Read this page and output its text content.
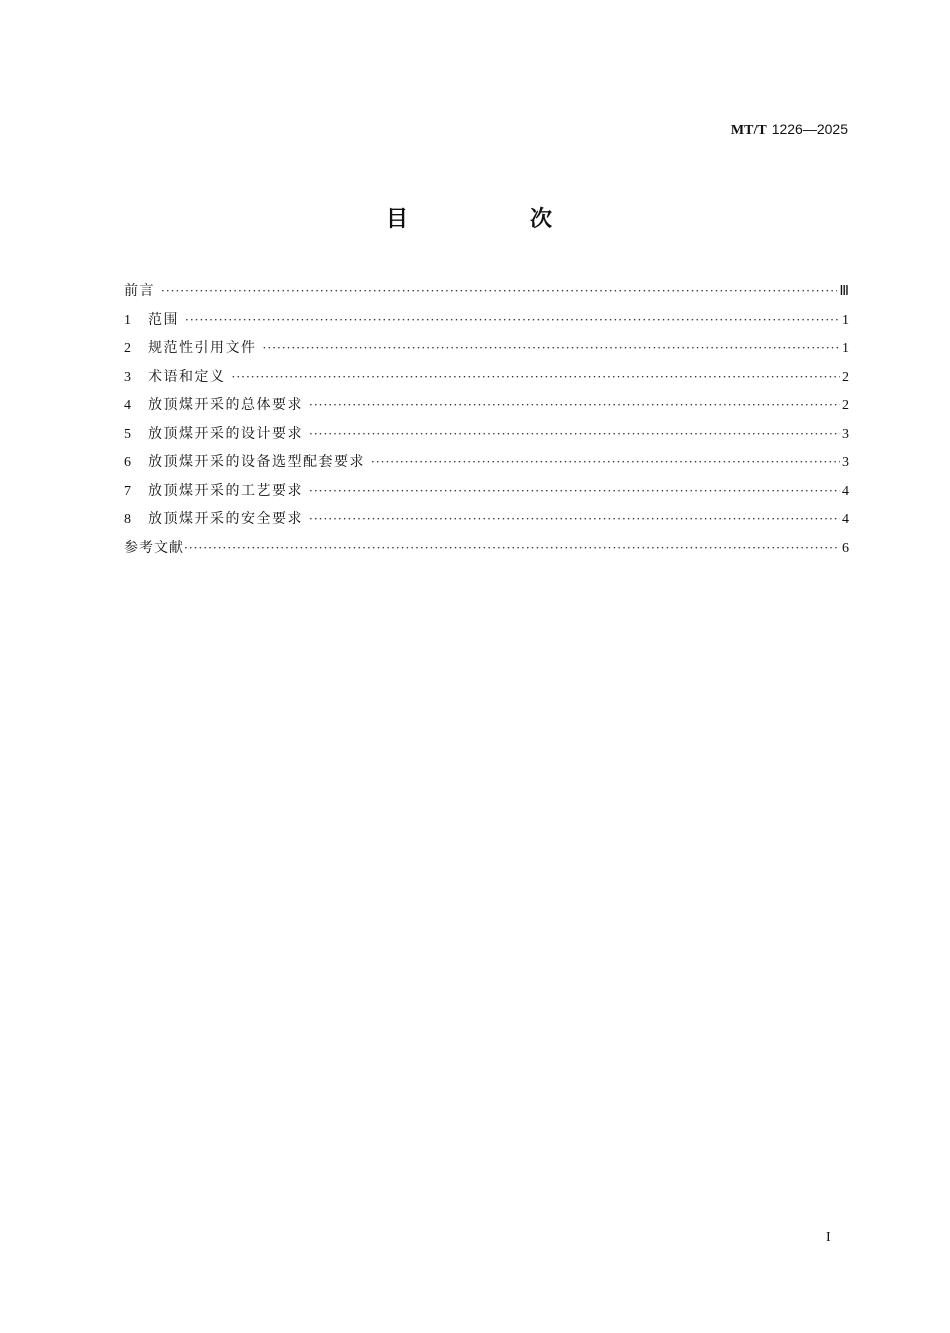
MT/T 1226—2025
目　次
前言 ·····	Ⅲ
1	范围 ·····	1
2	规范性引用文件 ·····	1
3	术语和定义 ·····	2
4	放顶煤开采的总体要求 ·····	2
5	放顶煤开采的设计要求 ·····	3
6	放顶煤开采的设备选型配套要求 ·····	3
7	放顶煤开采的工艺要求 ·····	4
8	放顶煤开采的安全要求 ·····	4
参考文献 ·····	6
I
